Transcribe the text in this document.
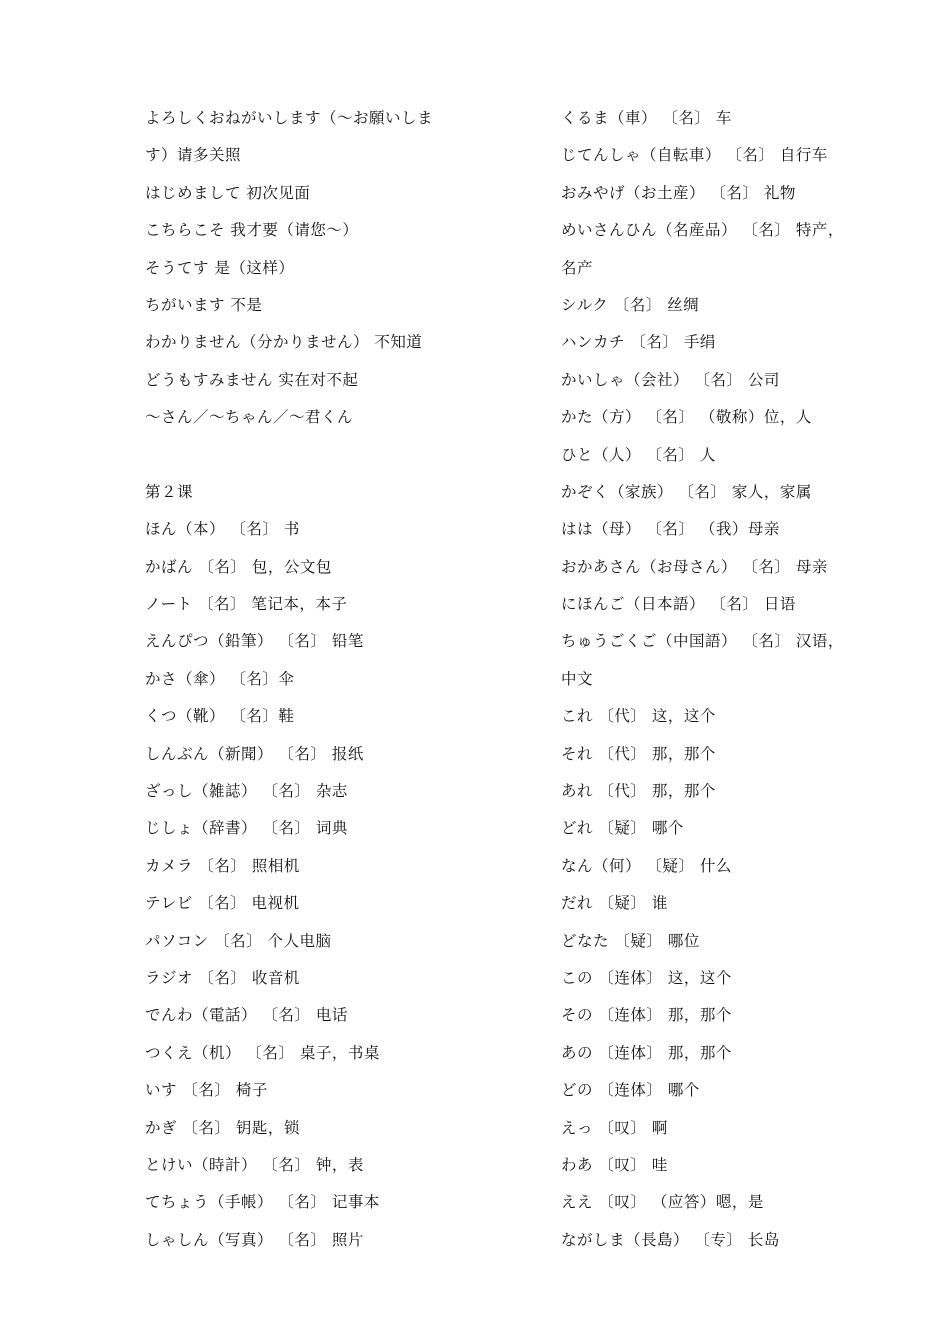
よろしくおねがいします（～お願いしま
す）请多关照
はじめまして 初次见面
こちらこそ 我才要（请您～）
そうてす 是（这样）
ちがいます 不是
わかりません（分かりません） 不知道
どうもすみません 实在对不起
～さん／～ちゃん／～君くん
第２课
ほん（本） 〔名〕 书
かばん 〔名〕 包，公文包
ノート 〔名〕 笔记本，本子
えんぴつ（鉛筆） 〔名〕 铅笔
かさ（傘） 〔名〕伞
くつ（靴） 〔名〕鞋
しんぶん（新聞） 〔名〕 报纸
ざっし（雑誌） 〔名〕 杂志
じしょ（辞書） 〔名〕 词典
カメラ 〔名〕 照相机
テレビ 〔名〕 电视机
パソコン 〔名〕 个人电脑
ラジオ 〔名〕 收音机
でんわ（電話） 〔名〕 电话
つくえ（机） 〔名〕 桌子，书桌
いす 〔名〕 椅子
かぎ 〔名〕 钥匙，锁
とけい（時計） 〔名〕 钟，表
てちょう（手帳） 〔名〕 记事本
しゃしん（写真） 〔名〕 照片
くるま（車） 〔名〕 车
じてんしゃ（自転車） 〔名〕 自行车
おみやげ（お土産） 〔名〕 礼物
めいさんひん（名産品） 〔名〕 特产，
名产
シルク 〔名〕 丝绸
ハンカチ 〔名〕 手绢
かいしゃ（会社） 〔名〕 公司
かた（方） 〔名〕 （敬称）位，人
ひと（人） 〔名〕 人
かぞく（家族） 〔名〕 家人，家属
はは（母） 〔名〕 （我）母亲
おかあさん（お母さん） 〔名〕 母亲
にほんご（日本語） 〔名〕 日语
ちゅうごくご（中国語） 〔名〕 汉语，
中文
これ 〔代〕 这，这个
それ 〔代〕 那，那个
あれ 〔代〕 那，那个
どれ 〔疑〕 哪个
なん（何） 〔疑〕 什么
だれ 〔疑〕 谁
どなた 〔疑〕 哪位
この 〔连体〕 这，这个
その 〔连体〕 那，那个
あの 〔连体〕 那，那个
どの 〔连体〕 哪个
えっ 〔叹〕 啊
わあ 〔叹〕 哇
ええ 〔叹〕 （应答）嗯，是
ながしま（長島） 〔专〕 长岛
